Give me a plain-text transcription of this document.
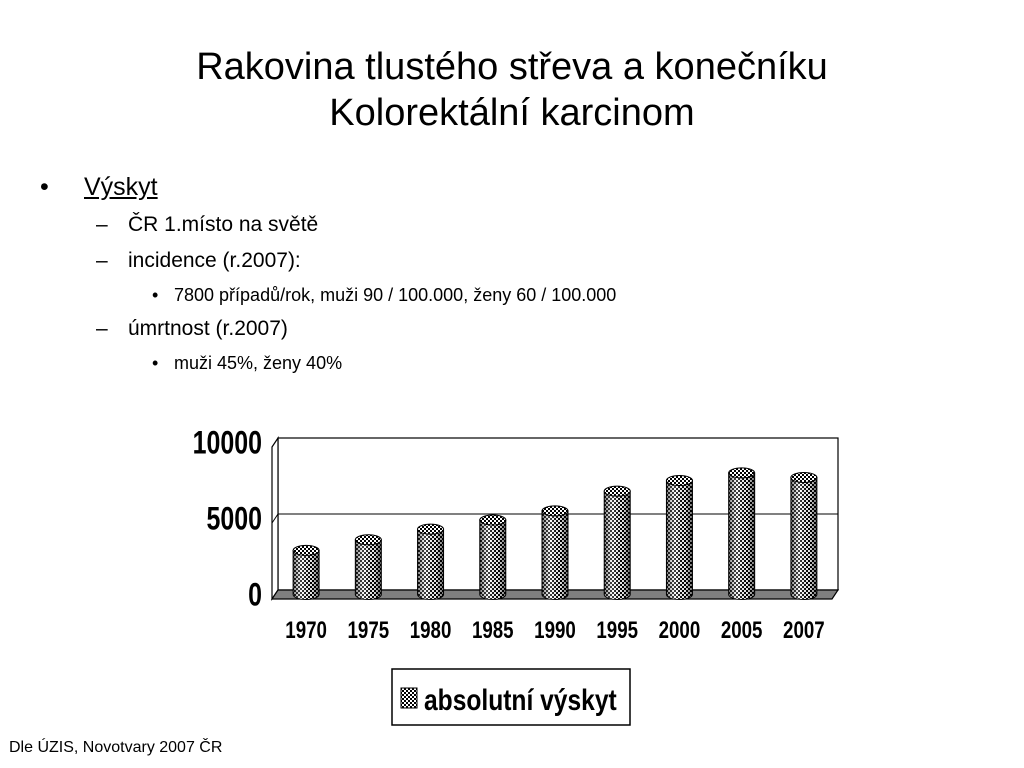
Rakovina tlustého střeva a konečníku
Kolorektální karcinom
• Výskyt
– ČR 1.místo na světě
– incidence (r.2007):
• 7800 případů/rok, muži 90 / 100.000, ženy 60 / 100.000
– úmrtnost (r.2007)
• muži 45%, ženy 40%
0
5000
10000
1970 1975 1980 1985 1990 1995 2000 2005 2007
absolutní výskyt
Dle ÚZIS, Novotvary 2007 ČR
